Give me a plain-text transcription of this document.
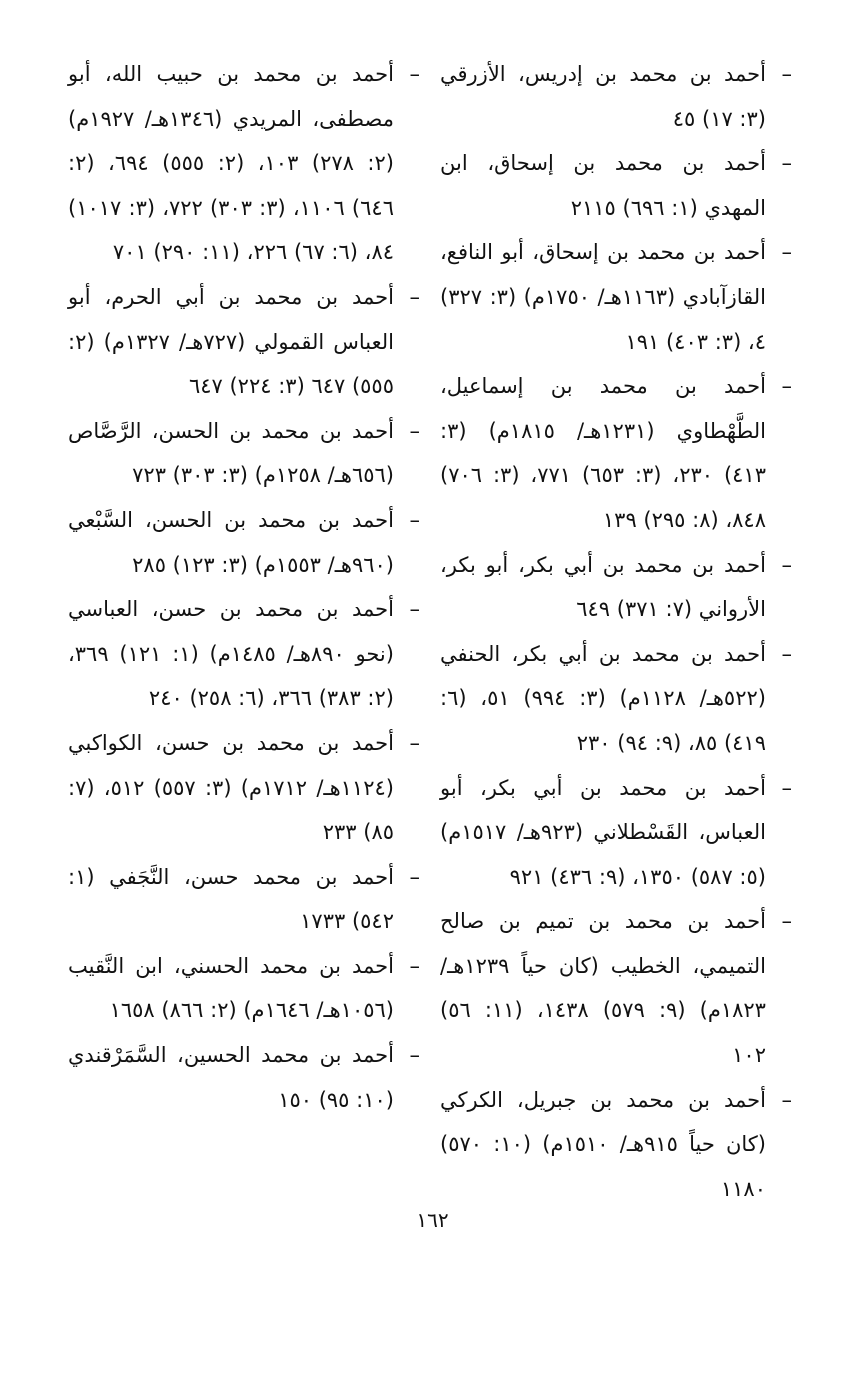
–
أحمد بن محمد بن إدريس، الأزرقي (٣: ١٧) ٤٥

–
أحمد بن محمد بن إسحاق، ابن المهدي (١: ٦٩٦) ٢١١٥

–
أحمد بن محمد بن إسحاق، أبو النافع، القازآبادي (١١٦٣هـ/ ١٧٥٠م) (٣: ٣٢٧) ٤، (٣: ٤٠٣) ١٩١

–
أحمد بن محمد بن إسماعيل، الطَّهْطاوي (١٢٣١هـ/ ١٨١٥م) (٣: ٤١٣) ٢٣٠، (٣: ٦٥٣) ٧٧١، (٣: ٧٠٦) ٨٤٨، (٨: ٢٩٥) ١٣٩

–
أحمد بن محمد بن أبي بكر، أبو بكر، الأرواني (٧: ٣٧١) ٦٤٩

–
أحمد بن محمد بن أبي بكر، الحنفي (٥٢٢هـ/ ١١٢٨م) (٣: ٩٩٤) ٥١، (٦: ٤١٩) ٨٥، (٩: ٩٤) ٢٣٠

–
أحمد بن محمد بن أبي بكر، أبو العباس، القَسْطلاني (٩٢٣هـ/ ١٥١٧م) (٥: ٥٨٧) ١٣٥٠، (٩: ٤٣٦) ٩٢١

–
أحمد بن محمد بن تميم بن صالح التميمي، الخطيب (كان حياً ١٢٣٩هـ/ ١٨٢٣م) (٩: ٥٧٩) ١٤٣٨، (١١: ٥٦) ١٠٢

–
أحمد بن محمد بن جبريل، الكركي (كان حياً ٩١٥هـ/ ١٥١٠م) (١٠: ٥٧٠) ١١٨٠

–
أحمد بن محمد بن حبيب الله، أبو مصطفى، المريدي (١٣٤٦هـ/ ١٩٢٧م) (٢: ٢٧٨) ١٠٣، (٢: ٥٥٥) ٦٩٤، (٢: ٦٤٦) ١١٠٦، (٣: ٣٠٣) ٧٢٢، (٣: ١٠١٧) ٨٤، (٦: ٦٧) ٢٢٦، (١١: ٢٩٠) ٧٠١

–
أحمد بن محمد بن أبي الحرم، أبو العباس القمولي (٧٢٧هـ/ ١٣٢٧م) (٢: ٥٥٥) ٦٤٧ (٣: ٢٢٤) ٦٤٧

–
أحمد بن محمد بن الحسن، الرَّصَّاص (٦٥٦هـ/ ١٢٥٨م) (٣: ٣٠٣) ٧٢٣

–
أحمد بن محمد بن الحسن، السَّبْعي (٩٦٠هـ/ ١٥٥٣م) (٣: ١٢٣) ٢٨٥

–
أحمد بن محمد بن حسن، العباسي (نحو ٨٩٠هـ/ ١٤٨٥م) (١: ١٢١) ٣٦٩، (٢: ٣٨٣) ٣٦٦، (٦: ٢٥٨) ٢٤٠

–
أحمد بن محمد بن حسن، الكواكبي (١١٢٤هـ/ ١٧١٢م) (٣: ٥٥٧) ٥١٢، (٧: ٨٥) ٢٣٣

–
أحمد بن محمد حسن، النَّجَفي (١: ٥٤٢) ١٧٣٣

–
أحمد بن محمد الحسني، ابن النَّقيب (١٠٥٦هـ/ ١٦٤٦م) (٢: ٨٦٦) ١٦٥٨

–
أحمد بن محمد الحسين، السَّمَرْقندي (١٠: ٩٥) ١٥٠

١٦٢
